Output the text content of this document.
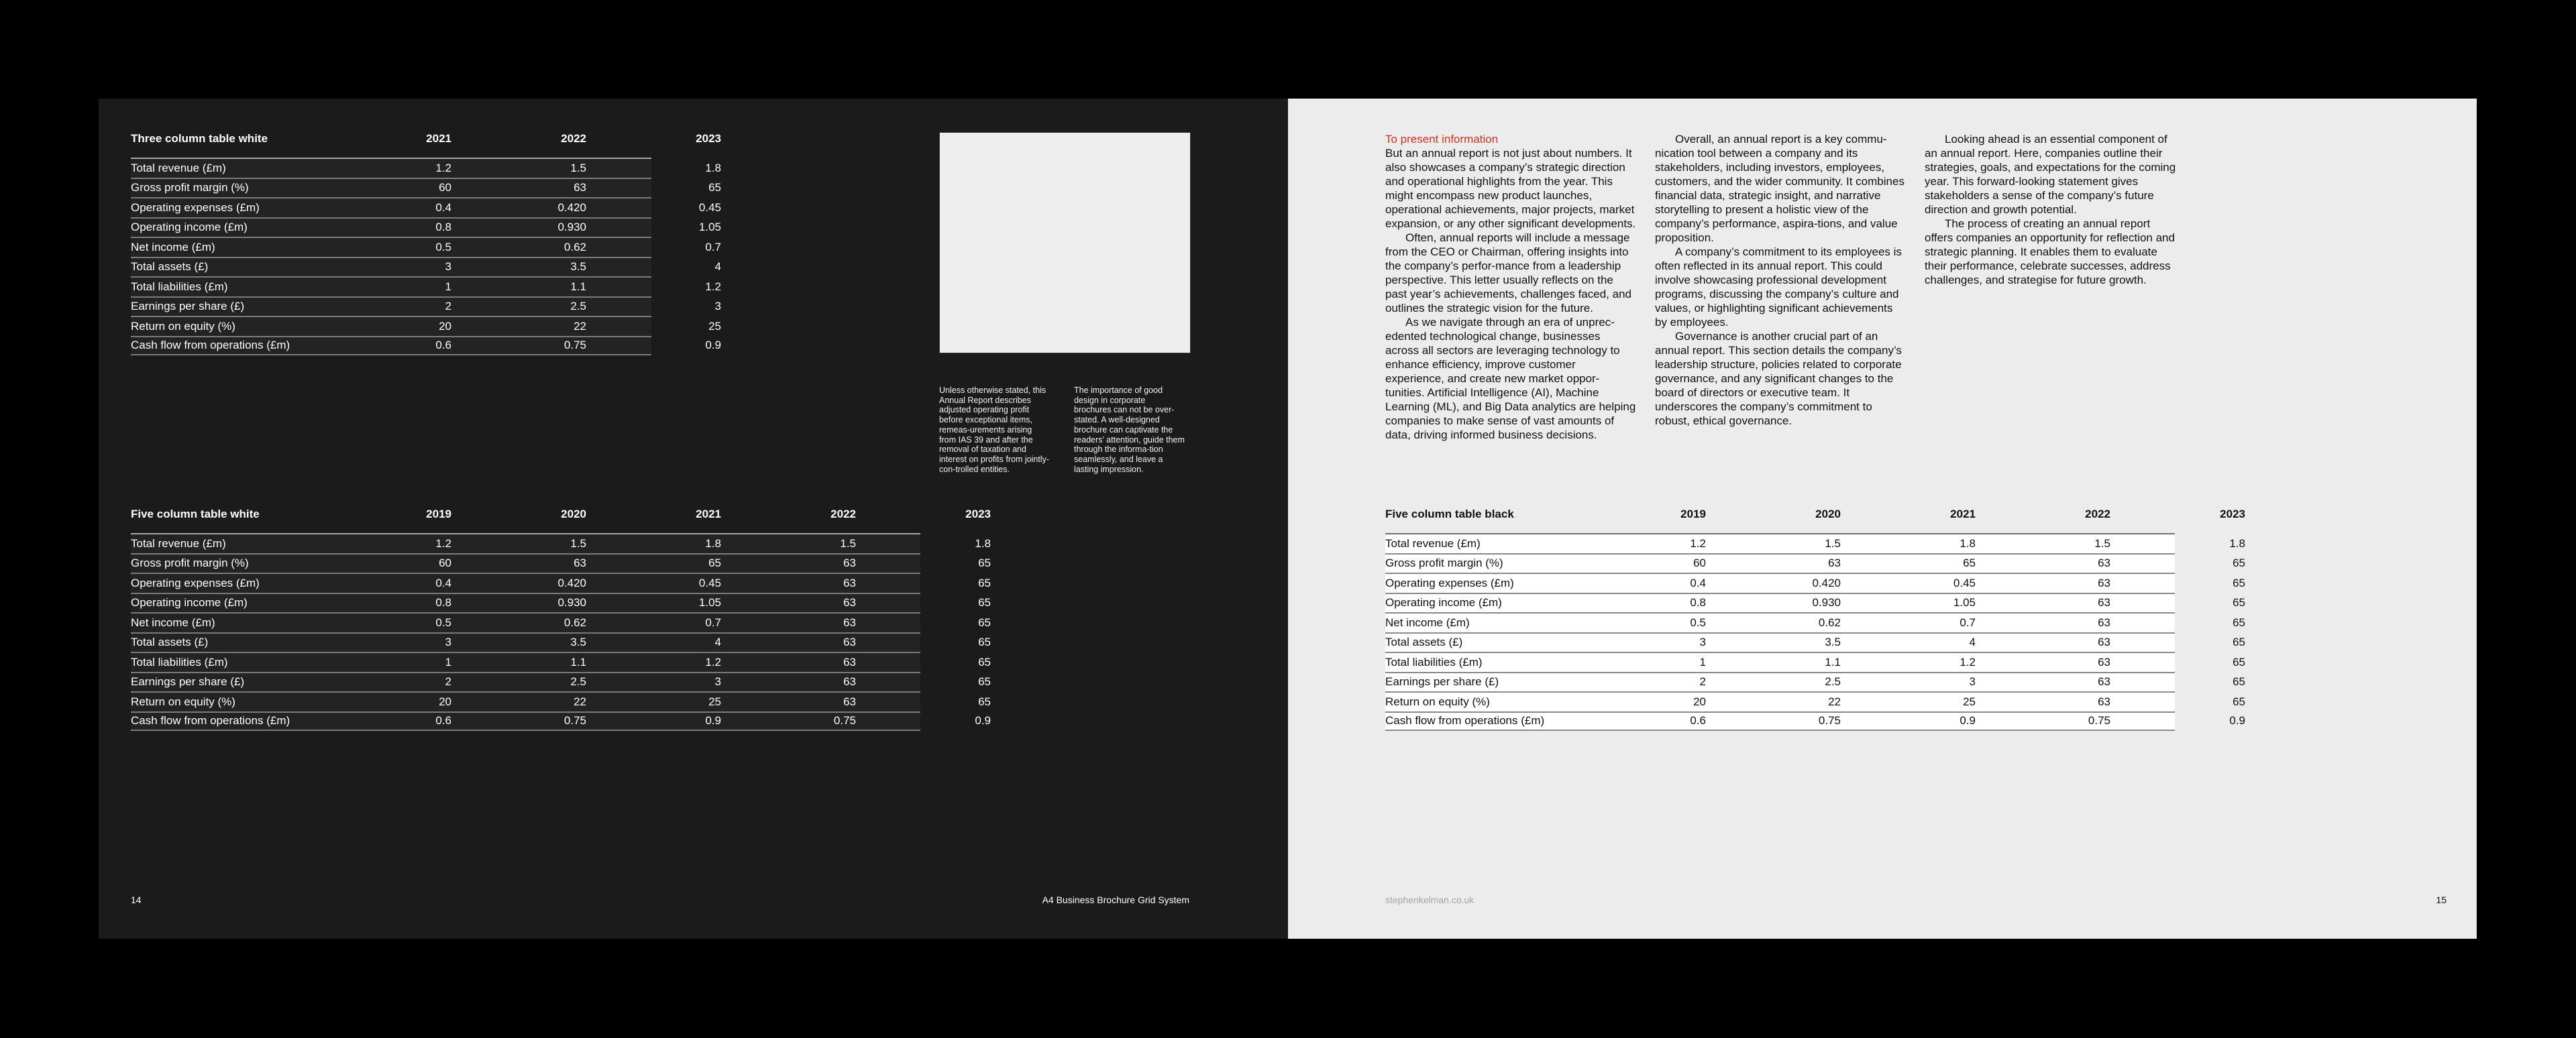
Three column table white	2021	2022	2023
Total revenue (£m)	1.2	1.5	1.8
Gross profit margin (%)	60	63	65
Operating expenses (£m)	0.4	0.420	0.45
Operating income (£m)	0.8	0.930	1.05
Net income (£m)	0.5	0.62	0.7
Total assets (£)	3	3.5	4
Total liabilities (£m)	1	1.1	1.2
Earnings per share (£)	2	2.5	3
Return on equity (%)	20	22	25
Cash flow from operations (£m)	0.6	0.75	0.9
Unless otherwise stated, this Annual Report describes adjusted operating profit before exceptional items, remeas-urements arising from IAS 39 and after the removal of taxation and interest on profits from jointly-con-trolled entities.
The importance of good design in corporate brochures can not be over-stated. A well-designed brochure can captivate the readers’ attention, guide them through the informa-tion seamlessly, and leave a lasting impression.
Five column table white	2019	2020	2021	2022	2023
Total revenue (£m)	1.2	1.5	1.8	1.5	1.8
Gross profit margin (%)	60	63	65	63	65
Operating expenses (£m)	0.4	0.420	0.45	63	65
Operating income (£m)	0.8	0.930	1.05	63	65
Net income (£m)	0.5	0.62	0.7	63	65
Total assets (£)	3	3.5	4	63	65
Total liabilities (£m)	1	1.1	1.2	63	65
Earnings per share (£)	2	2.5	3	63	65
Return on equity (%)	20	22	25	63	65
Cash flow from operations (£m)	0.6	0.75	0.9	0.75	0.9
14	A4 Business Brochure Grid System
To present information

But an annual report is not just about numbers. It also showcases a company’s strategic direction and operational highlights from the year. This might encompass new product launches, operational achievements, major projects, market expansion, or any other significant developments.

Often, annual reports will include a message from the CEO or Chairman, offering insights into the company’s perfor-mance from a leadership perspective. This letter usually reflects on the past year’s achievements, challenges faced, and outlines the strategic vision for the future.

As we navigate through an era of unprec-edented technological change, businesses across all sectors are leveraging technology to enhance efficiency, improve customer experience, and create new market oppor-tunities. Artificial Intelligence (AI), Machine Learning (ML), and Big Data analytics are helping companies to make sense of vast amounts of data, driving informed business decisions.

Overall, an annual report is a key commu-nication tool between a company and its stakeholders, including investors, employees, customers, and the wider community. It combines financial data, strategic insight, and narrative storytelling to present a holistic view of the company’s performance, aspira-tions, and value proposition.

A company’s commitment to its employees is often reflected in its annual report. This could involve showcasing professional development programs, discussing the company’s culture and values, or highlighting significant achievements by employees.

Governance is another crucial part of an annual report. This section details the company’s leadership structure, policies related to corporate governance, and any significant changes to the board of directors or executive team. It underscores the company’s commitment to robust, ethical governance.

Looking ahead is an essential component of an annual report. Here, companies outline their strategies, goals, and expectations for the coming year. This forward-looking statement gives stakeholders a sense of the company’s future direction and growth potential.

The process of creating an annual report offers companies an opportunity for reflection and strategic planning. It enables them to evaluate their performance, celebrate successes, address challenges, and strategise for future growth.

Five column table black	2019	2020	2021	2022	2023
Total revenue (£m)	1.2	1.5	1.8	1.5	1.8
Gross profit margin (%)	60	63	65	63	65
Operating expenses (£m)	0.4	0.420	0.45	63	65
Operating income (£m)	0.8	0.930	1.05	63	65
Net income (£m)	0.5	0.62	0.7	63	65
Total assets (£)	3	3.5	4	63	65
Total liabilities (£m)	1	1.1	1.2	63	65
Earnings per share (£)	2	2.5	3	63	65
Return on equity (%)	20	22	25	63	65
Cash flow from operations (£m)	0.6	0.75	0.9	0.75	0.9
stephenkelman.co.uk	15
